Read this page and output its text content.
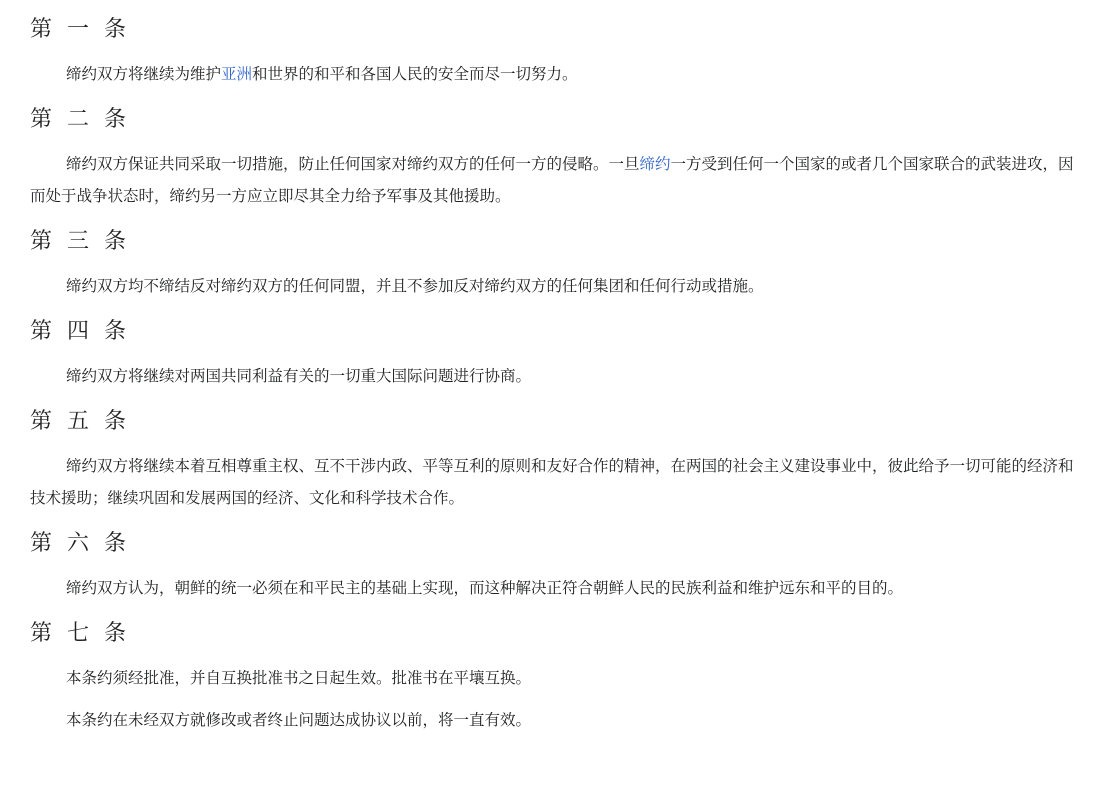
第 一 条

缔约双方将继续为维护亚洲和世界的和平和各国人民的安全而尽一切努力。

第 二 条

缔约双方保证共同采取一切措施，防止任何国家对缔约双方的任何一方的侵略。一旦缔约一方受到任何一个国家的或者几个国家联合的武装进攻，因而处于战争状态时，缔约另一方应立即尽其全力给予军事及其他援助。

第 三 条

缔约双方均不缔结反对缔约双方的任何同盟，并且不参加反对缔约双方的任何集团和任何行动或措施。

第 四 条

缔约双方将继续对两国共同利益有关的一切重大国际问题进行协商。

第 五 条

缔约双方将继续本着互相尊重主权、互不干涉内政、平等互利的原则和友好合作的精神，在两国的社会主义建设事业中，彼此给予一切可能的经济和技术援助；继续巩固和发展两国的经济、文化和科学技术合作。

第 六 条

缔约双方认为，朝鲜的统一必须在和平民主的基础上实现，而这种解决正符合朝鲜人民的民族利益和维护远东和平的目的。

第 七 条

本条约须经批准，并自互换批准书之日起生效。批准书在平壤互换。

本条约在未经双方就修改或者终止问题达成协议以前，将一直有效。
